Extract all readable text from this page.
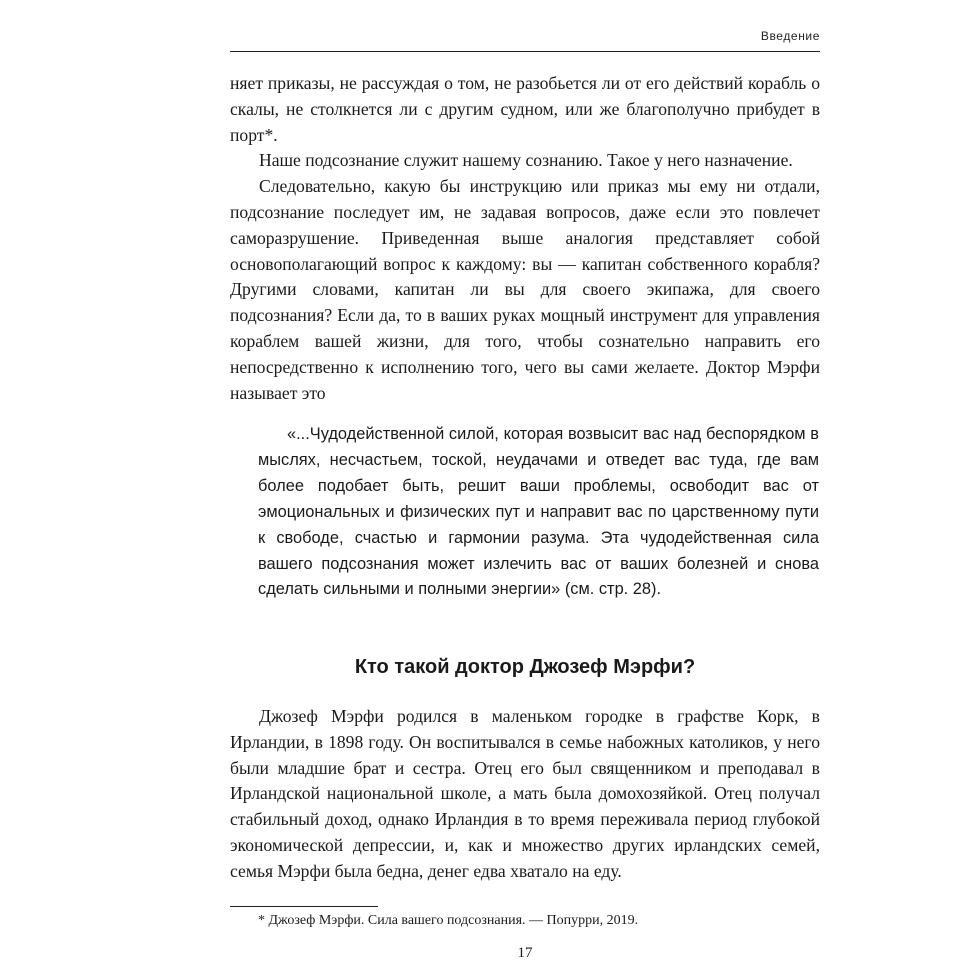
Введение

няет приказы, не рассуждая о том, не разобьется ли от его действий корабль о скалы, не столкнется ли с другим судном, или же благополучно прибудет в порт*.

Наше подсознание служит нашему сознанию. Такое у него назначение.

Следовательно, какую бы инструкцию или приказ мы ему ни отдали, подсознание последует им, не задавая вопросов, даже если это повлечет саморазрушение. Приведенная выше аналогия представляет собой основополагающий вопрос к каждому: вы — капитан собственного корабля? Другими словами, капитан ли вы для своего экипажа, для своего подсознания? Если да, то в ваших руках мощный инструмент для управления кораблем вашей жизни, для того, чтобы сознательно направить его непосредственно к исполнению того, чего вы сами желаете. Доктор Мэрфи называет это

«...Чудодейственной силой, которая возвысит вас над беспорядком в мыслях, несчастьем, тоской, неудачами и отведет вас туда, где вам более подобает быть, решит ваши проблемы, освободит вас от эмоциональных и физических пут и направит вас по царственному пути к свободе, счастью и гармонии разума. Эта чудодейственная сила вашего подсознания может излечить вас от ваших болезней и снова сделать сильными и полными энергии» (см. стр. 28).

Кто такой доктор Джозеф Мэрфи?

Джозеф Мэрфи родился в маленьком городке в графстве Корк, в Ирландии, в 1898 году. Он воспитывался в семье набожных католиков, у него были младшие брат и сестра. Отец его был священником и преподавал в Ирландской национальной школе, а мать была домохозяйкой. Отец получал стабильный доход, однако Ирландия в то время переживала период глубокой экономической депрессии, и, как и множество других ирландских семей, семья Мэрфи была бедна, денег едва хватало на еду.

* Джозеф Мэрфи. Сила вашего подсознания. — Попурри, 2019.

17
